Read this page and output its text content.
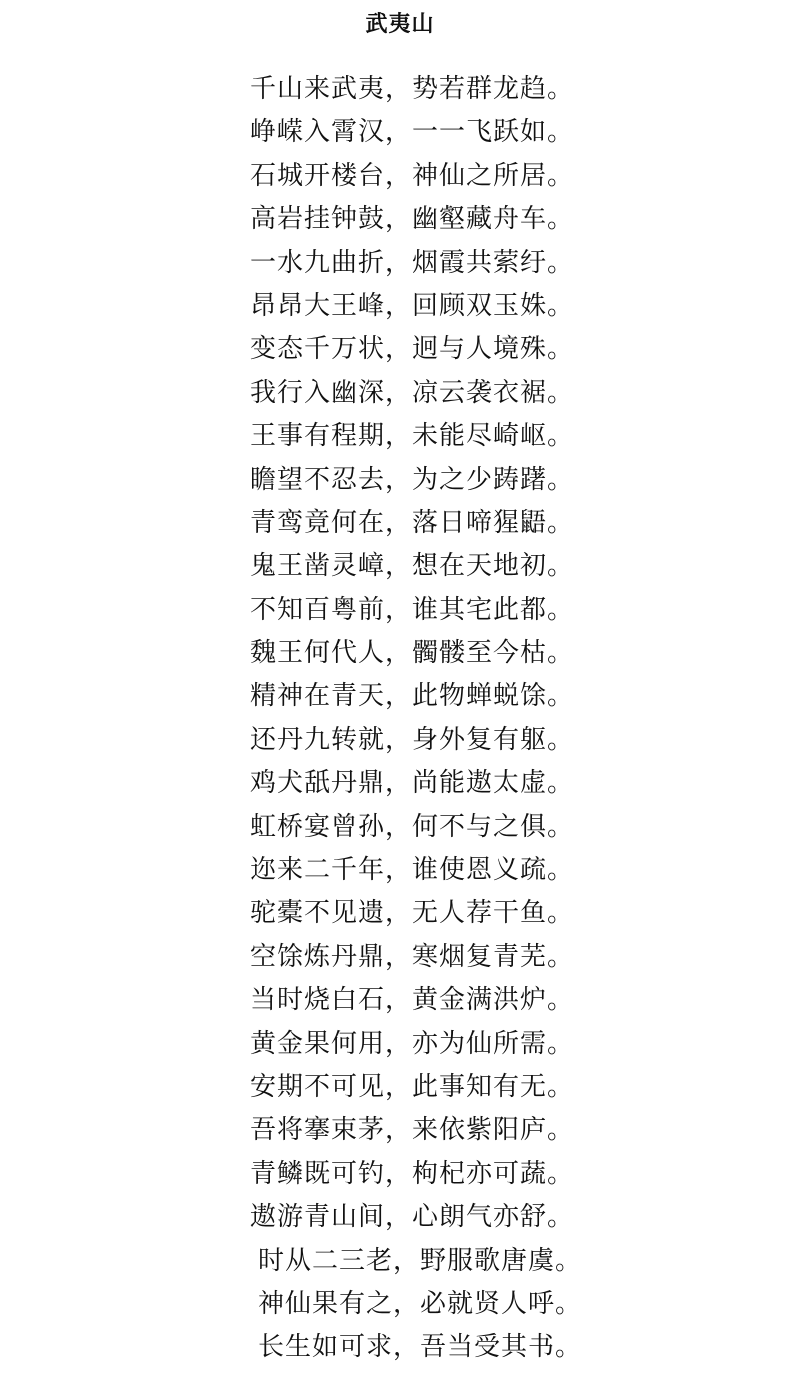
武夷山
千山来武夷，势若群龙趋。
峥嵘入霄汉，一一飞跃如。
石城开楼台，神仙之所居。
高岩挂钟鼓，幽壑藏舟车。
一水九曲折，烟霞共萦纡。
昂昂大王峰，回顾双玉姝。
变态千万状，迥与人境殊。
我行入幽深，凉云袭衣裾。
王事有程期，未能尽崎岖。
瞻望不忍去，为之少踌躇。
青鸾竟何在，落日啼猩鼯。
鬼王凿灵嶂，想在天地初。
不知百粤前，谁其宅此都。
魏王何代人，髑髅至今枯。
精神在青天，此物蝉蜕馀。
还丹九转就，身外复有躯。
鸡犬舐丹鼎，尚能遨太虚。
虹桥宴曾孙，何不与之俱。
迩来二千年，谁使恩义疏。
驼橐不见遗，无人荐干鱼。
空馀炼丹鼎，寒烟复青芜。
当时烧白石，黄金满洪炉。
黄金果何用，亦为仙所需。
安期不可见，此事知有无。
吾将搴束茅，来依紫阳庐。
青鳞既可钓，枸杞亦可蔬。
遨游青山间，心朗气亦舒。
时从二三老，野服歌唐虞。
神仙果有之，必就贤人呼。
长生如可求，吾当受其书。
